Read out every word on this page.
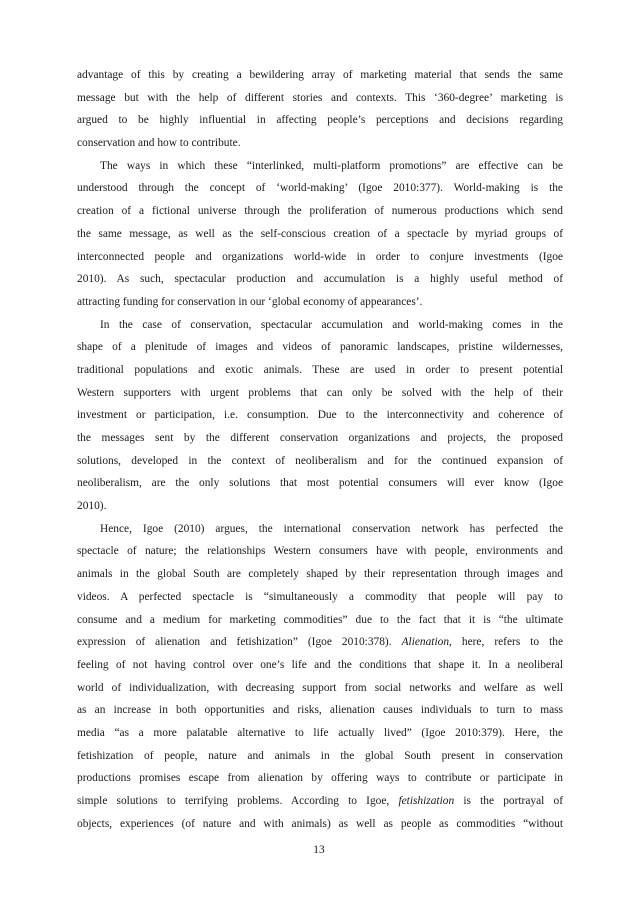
advantage of this by creating a bewildering array of marketing material that sends the same
message but with the help of different stories and contexts. This ‘360-degree’ marketing is
argued to be highly influential in affecting people’s perceptions and decisions regarding
conservation and how to contribute.
The ways in which these “interlinked, multi-platform promotions” are effective can be
understood through the concept of ‘world-making’ (Igoe 2010:377). World-making is the
creation of a fictional universe through the proliferation of numerous productions which send
the same message, as well as the self-conscious creation of a spectacle by myriad groups of
interconnected people and organizations world-wide in order to conjure investments (Igoe
2010). As such, spectacular production and accumulation is a highly useful method of
attracting funding for conservation in our ‘global economy of appearances’.
In the case of conservation, spectacular accumulation and world-making comes in the
shape of a plenitude of images and videos of panoramic landscapes, pristine wildernesses,
traditional populations and exotic animals. These are used in order to present potential
Western supporters with urgent problems that can only be solved with the help of their
investment or participation, i.e. consumption. Due to the interconnectivity and coherence of
the messages sent by the different conservation organizations and projects, the proposed
solutions, developed in the context of neoliberalism and for the continued expansion of
neoliberalism, are the only solutions that most potential consumers will ever know (Igoe
2010).
Hence, Igoe (2010) argues, the international conservation network has perfected the
spectacle of nature; the relationships Western consumers have with people, environments and
animals in the global South are completely shaped by their representation through images and
videos. A perfected spectacle is “simultaneously a commodity that people will pay to
consume and a medium for marketing commodities” due to the fact that it is “the ultimate
expression of alienation and fetishization” (Igoe 2010:378). Alienation, here, refers to the
feeling of not having control over one’s life and the conditions that shape it. In a neoliberal
world of individualization, with decreasing support from social networks and welfare as well
as an increase in both opportunities and risks, alienation causes individuals to turn to mass
media “as a more palatable alternative to life actually lived” (Igoe 2010:379). Here, the
fetishization of people, nature and animals in the global South present in conservation
productions promises escape from alienation by offering ways to contribute or participate in
simple solutions to terrifying problems. According to Igoe, fetishization is the portrayal of
objects, experiences (of nature and with animals) as well as people as commodities “without
13
